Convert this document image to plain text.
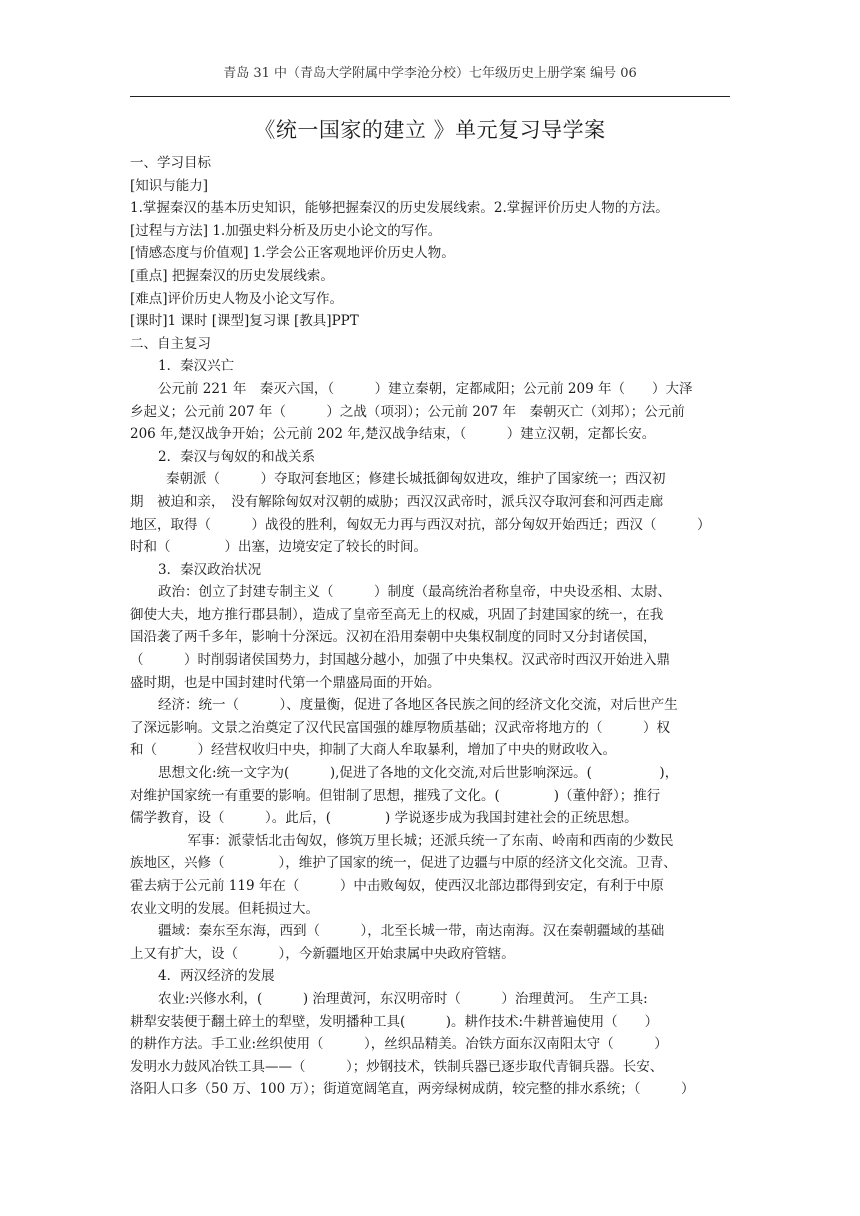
青岛 31 中（青岛大学附属中学李沧分校）七年级历史上册学案 编号 06
《统一国家的建立 》单元复习导学案
一、学习目标
[知识与能力]
1.掌握秦汉的基本历史知识，能够把握秦汉的历史发展线索。2.掌握评价历史人物的方法。
[过程与方法] 1.加强史料分析及历史小论文的写作。
[情感态度与价值观] 1.学会公正客观地评价历史人物。
[重点] 把握秦汉的历史发展线索。
[难点]评价历史人物及小论文写作。
[课时]1 课时 [课型]复习课 [教具]PPT
二、自主复习
1．秦汉兴亡
公元前 221 年　秦灭六国，（　　　）建立秦朝，定都咸阳；公元前 209 年（　　）大泽
乡起义；公元前 207 年（　　　）之战（项羽）；公元前 207 年　秦朝灭亡（刘邦）；公元前
206 年,楚汉战争开始；公元前 202 年,楚汉战争结束，（　　　）建立汉朝，定都长安。
2．秦汉与匈奴的和战关系
秦朝派（　　　）夺取河套地区；修建长城抵御匈奴进攻，维护了国家统一；西汉初
期　被迫和亲，　没有解除匈奴对汉朝的威胁；西汉汉武帝时，派兵汉夺取河套和河西走廊
地区，取得（　　　）战役的胜利，匈奴无力再与西汉对抗，部分匈奴开始西迁；西汉（　　　）
时和（　　　　）出塞，边境安定了较长的时间。
3．秦汉政治状况
政治：创立了封建专制主义（　　　）制度（最高统治者称皇帝，中央设丞相、太尉、
御使大夫，地方推行郡县制），造成了皇帝至高无上的权威，巩固了封建国家的统一，在我
国沿袭了两千多年，影响十分深远。汉初在沿用秦朝中央集权制度的同时又分封诸侯国，
（　　　）时削弱诸侯国势力，封国越分越小，加强了中央集权。汉武帝时西汉开始进入鼎
盛时期，也是中国封建时代第一个鼎盛局面的开始。
经济：统一（　　　）、度量衡，促进了各地区各民族之间的经济文化交流，对后世产生
了深远影响。文景之治奠定了汉代民富国强的雄厚物质基础；汉武帝将地方的（　　　）权
和（　　　）经营权收归中央，抑制了大商人牟取暴利，增加了中央的财政收入。
思想文化:统一文字为(　　　),促进了各地的文化交流,对后世影响深远。(　　　　　)，
对维护国家统一有重要的影响。但钳制了思想，摧残了文化。(　　　　)（董仲舒）；推行
儒学教育，设（　　　）。此后，(　　　　) 学说逐步成为我国封建社会的正统思想。
　军事：派蒙恬北击匈奴，修筑万里长城；还派兵统一了东南、岭南和西南的少数民
族地区，兴修（　　　　），维护了国家的统一，促进了边疆与中原的经济文化交流。卫青、
霍去病于公元前 119 年在（　　　）中击败匈奴，使西汉北部边郡得到安定，有利于中原
农业文明的发展。但耗损过大。
疆域：秦东至东海，西到（　　　），北至长城一带，南达南海。汉在秦朝疆域的基础
上又有扩大，设（　　　），今新疆地区开始隶属中央政府管辖。
4．两汉经济的发展
农业:兴修水利，(　　　) 治理黄河，东汉明帝时（　　　）治理黄河。　生产工具:
耕犁安装便于翻土碎土的犁壁，发明播种工具(　　　)。耕作技术:牛耕普遍使用（　　）
的耕作方法。手工业:丝织使用（　　　），丝织品精美。冶铁方面东汉南阳太守（　　　）
发明水力鼓风冶铁工具——（　　　）；炒钢技术，铁制兵器已逐步取代青铜兵器。长安、
洛阳人口多（50 万、100 万）；街道宽阔笔直，两旁绿树成荫，较完整的排水系统；（　　　）
